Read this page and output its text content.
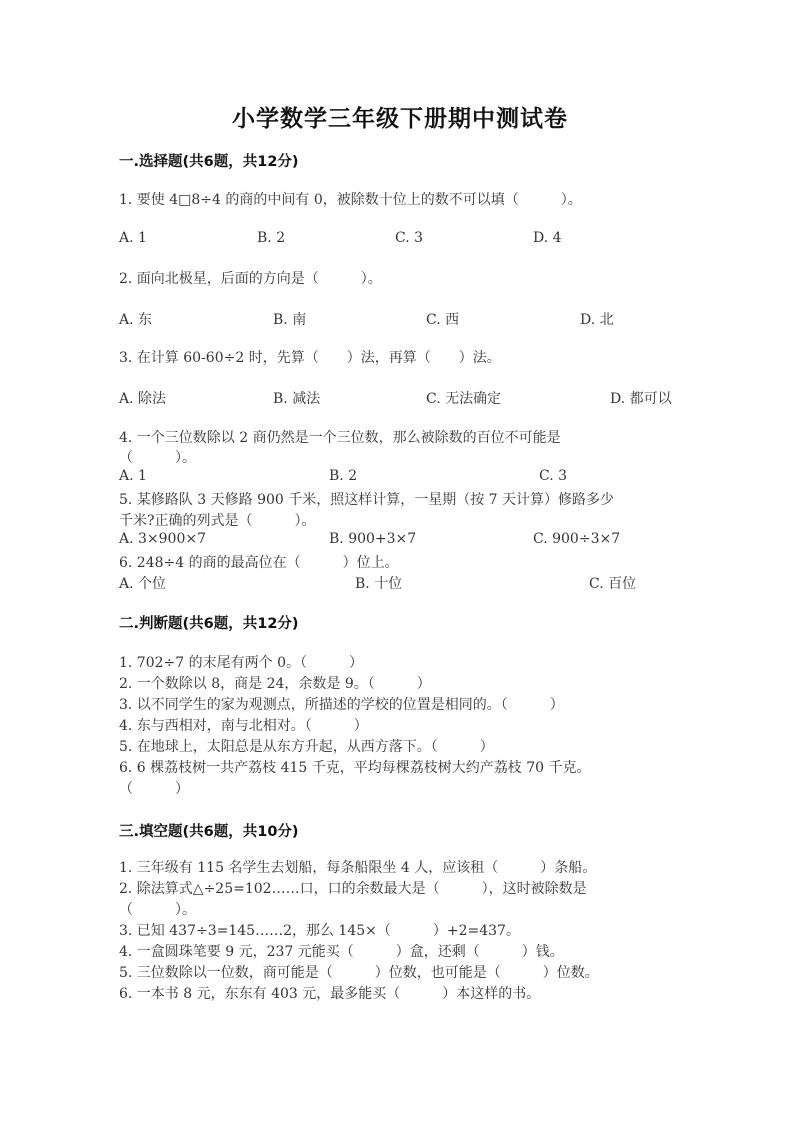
小学数学三年级下册期中测试卷
一.选择题(共6题，共12分)
1. 要使 4□8÷4 的商的中间有 0，被除数十位上的数不可以填（　　　）。
A. 1	B. 2	C. 3	D. 4
2. 面向北极星，后面的方向是（　　　）。
A. 东	B. 南	C. 西	D. 北
3. 在计算 60-60÷2 时，先算（　　）法，再算（　　）法。
A. 除法	B. 减法	C. 无法确定	D. 都可以
4. 一个三位数除以 2 商仍然是一个三位数，那么被除数的百位不可能是
（　　　）。
A. 1	B. 2	C. 3
5. 某修路队 3 天修路 900 千米，照这样计算，一星期（按 7 天计算）修路多少
千米?正确的列式是（　　　）。
A. 3×900×7	B. 900+3×7	C. 900÷3×7
6. 248÷4 的商的最高位在（　　　）位上。
A. 个位	B. 十位	C. 百位
二.判断题(共6题，共12分)
1. 702÷7 的末尾有两个 0。（　　　）
2. 一个数除以 8，商是 24，余数是 9。（　　　）
3. 以不同学生的家为观测点，所描述的学校的位置是相同的。（　　　）
4. 东与西相对，南与北相对。（　　　）
5. 在地球上，太阳总是从东方升起，从西方落下。（　　　）
6. 6 棵荔枝树一共产荔枝 415 千克，平均每棵荔枝树大约产荔枝 70 千克。
（　　　）
三.填空题(共6题，共10分)
1. 三年级有 115 名学生去划船，每条船限坐 4 人，应该租（　　　）条船。
2. 除法算式△÷25=102……口，口的余数最大是（　　　），这时被除数是
（　　　）。
3. 已知 437÷3=145……2，那么 145×（　　　）+2=437。
4. 一盒圆珠笔要 9 元，237 元能买（　　　）盒，还剩（　　　）钱。
5. 三位数除以一位数，商可能是（　　　）位数，也可能是（　　　）位数。
6. 一本书 8 元，东东有 403 元，最多能买（　　　）本这样的书。
